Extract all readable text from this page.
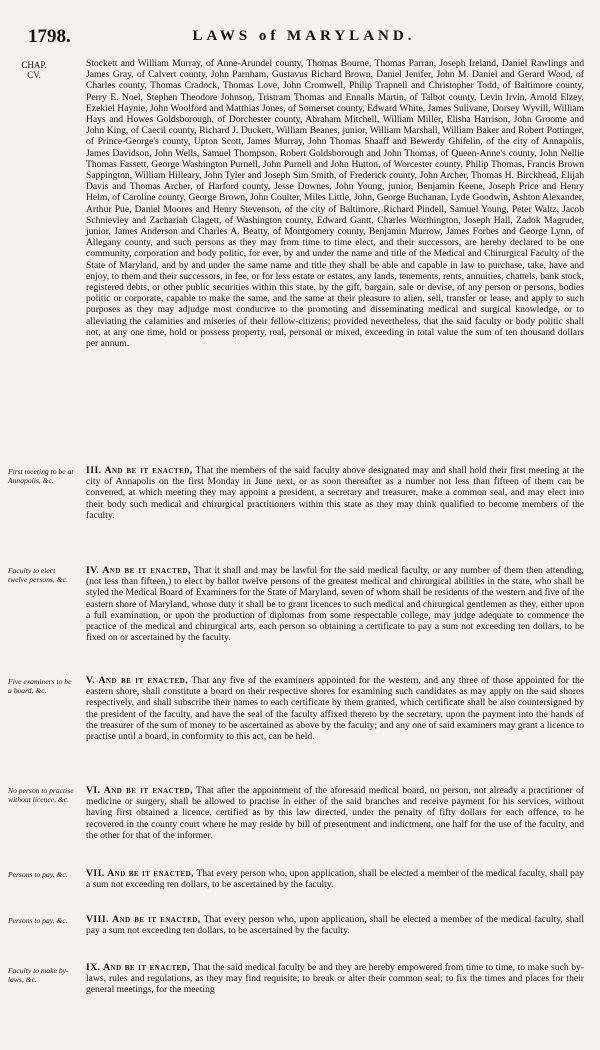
1798.	LAWS of MARYLAND.
CHAP.
CV.
Stockett and William Murray, of Anne-Arundel county, Thomas Bourne, Thomas Parran, Joseph Ireland, Daniel Rawlings and James Gray, of Calvert county, John Parnham, Gustavus Richard Brown, Daniel Jenifer, John M. Daniel and Gerard Wood, of Charles county, Thomas Cradock, Thomas Love, John Cromwell, Philip Trapnell and Christopher Todd, of Baltimore county, Perry E. Noel, Stephen Theodore Johnson, Tristram Thomas and Ennalls Martin, of Talbot county, Levin Irvin, Arnold Elzey, Ezekiel Haynie, John Woolford and Matthias Jones, of Somerset county, Edward White, James Sulivane, Dorsey Wyvill, William Hays and Howes Goldsborough, of Dorchester county, Abraham Mitchell, William Miller, Elisha Harrison, John Groome and John King, of Caecil county, Richard J. Duckett, William Beanes, junior, William Marshall, William Baker and Robert Pottinger, of Prince-George's county, Upton Scott, James Murray, John Thomas Shaaff and Bewerdy Ghifelin, of the city of Annapolis, James Davidson, John Wells, Samuel Thompson, Robert Goldsborough and John Thomas, of Queen-Anne's county, John Nellie Thomas Fassett, George Washington Purnell, John Purnell and John Hutton, of Worcester county, Philip Thomas, Francis Brown Sappington, William Hilleary, John Tyler and Joseph Sim Smith, of Frederick county, John Archer, Thomas H. Birckhead, Elijah Davis and Thomas Archer, of Harford county, Jesse Downes, John Young, junior, Benjamin Keene, Joseph Price and Henry Helm, of Caroline county, George Brown, John Coulter, Miles Little, John, George Buchanan, Lyde Goodwin, Ashton Alexander, Arthur Pue, Daniel Moores and Henry Stevenson, of the city of Baltimore, Richard Pindell, Samuel Young, Peter Waltz, Jacob Schnievley and Zachariah Clagett, of Washington county, Edward Gantt, Charles Worthington, Joseph Hall, Zadok Magruder, junior, James Anderson and Charles A. Beatty, of Montgomery county, Benjamin Murrow, James Forbes and George Lynn, of Allegany county, and such persons as they may from time to time elect, and their successors, are hereby declared to be one community, corporation and body politic, for ever, by and under the name and title of the Medical and Chirurgical Faculty of the State of Maryland, and by and under the same name and title they shall be able and capable in law to purchase, take, have and enjoy, to them and their successors, in fee, or for less estate or estates, any lands, tenements, rents, annuities, chattels, bank stock, registered debts, or other public securities within this state, by the gift, bargain, sale or devise, of any person or persons, bodies politic or corporate, capable to make the same, and the same at their pleasure to alien, sell, transfer or lease, and apply to such purposes as they may adjudge most conducive to the promoting and disseminating medical and surgical knowledge, or to alleviating the calamities and miseries of their fellow-citizens; provided nevertheless, that the said faculty or body politic shall not, at any one time, hold or possess property, real, personal or mixed, exceeding in total value the sum of ten thousand dollars per annum.
First meeting to be at Annapolis, &c.
III. And be it enacted, That the members of the said faculty above designated may and shall hold their first meeting at the city of Annapolis on the first Monday in June next, or as soon thereafter as a number not less than fifteen of them can be convened, at which meeting they may appoint a president, a secretary and treasurer, make a common seal, and may elect into their body such medical and chirurgical practitioners within this state as they may think qualified to become members of the faculty.
Faculty to elect twelve persons, &c.
IV. And be it enacted, That it shall and may be lawful for the said medical faculty, or any number of them then attending, (not less than fifteen,) to elect by ballot twelve persons of the greatest medical and chirurgical abilities in the state, who shall be styled the Medical Board of Examiners for the State of Maryland, seven of whom shall be residents of the western and five of the eastern shore of Maryland, whose duty it shall be to grant licences to such medical and chirurgical gentlemen as they, either upon a full examination, or upon the production of diplomas from some respectable college, may judge adequate to commence the practice of the medical and chirurgical arts, each person so obtaining a certificate to pay a sum not exceeding ten dollars, to be fixed on or ascertained by the faculty.
Five examiners to be a board, &c.
V. And be it enacted, That any five of the examiners appointed for the western, and any three of those appointed for the eastern shore, shall constitute a board on their respective shores for examining such candidates as may apply on the said shores respectively, and shall subscribe their names to each certificate by them granted, which certificate shall be also countersigned by the president of the faculty, and have the seal of the faculty affixed thereto by the secretary, upon the payment into the hands of the treasurer of the sum of money to be ascertained as above by the faculty; and any one of said examiners may grant a licence to practise until a board, in conformity to this act, can be held.
No person to practise without licence, &c.
VI. And be it enacted, That after the appointment of the aforesaid medical board, no person, not already a practitioner of medicine or surgery, shall be allowed to practise in either of the said branches and receive payment for his services, without having first obtained a licence, certified as by this law directed, under the penalty of fifty dollars for each offence, to be recovered in the county court where he may reside by bill of presentment and indictment, one half for the use of the faculty, and the other for that of the informer.
Persons to pay, &c.	VII. And be it enacted, That every person who, upon application, shall be elected a member of the medical faculty, shall pay a sum not exceeding ten dollars, to be ascertained by the faculty.
Persons to pay, &c.	VIII. And be it enacted, That every person who, upon application, shall be elected a member of the medical faculty, shall pay a sum not exceeding ten dollars, to be ascertained by the faculty.
Faculty to make by-laws, &c.
IX. And be it enacted, That the said medical faculty be and they are hereby empowered from time to time, to make such by-laws, rules and regulations, as they may find requisite; to break or alter their common seal; to fix the times and places for their general meetings, for the meeting
